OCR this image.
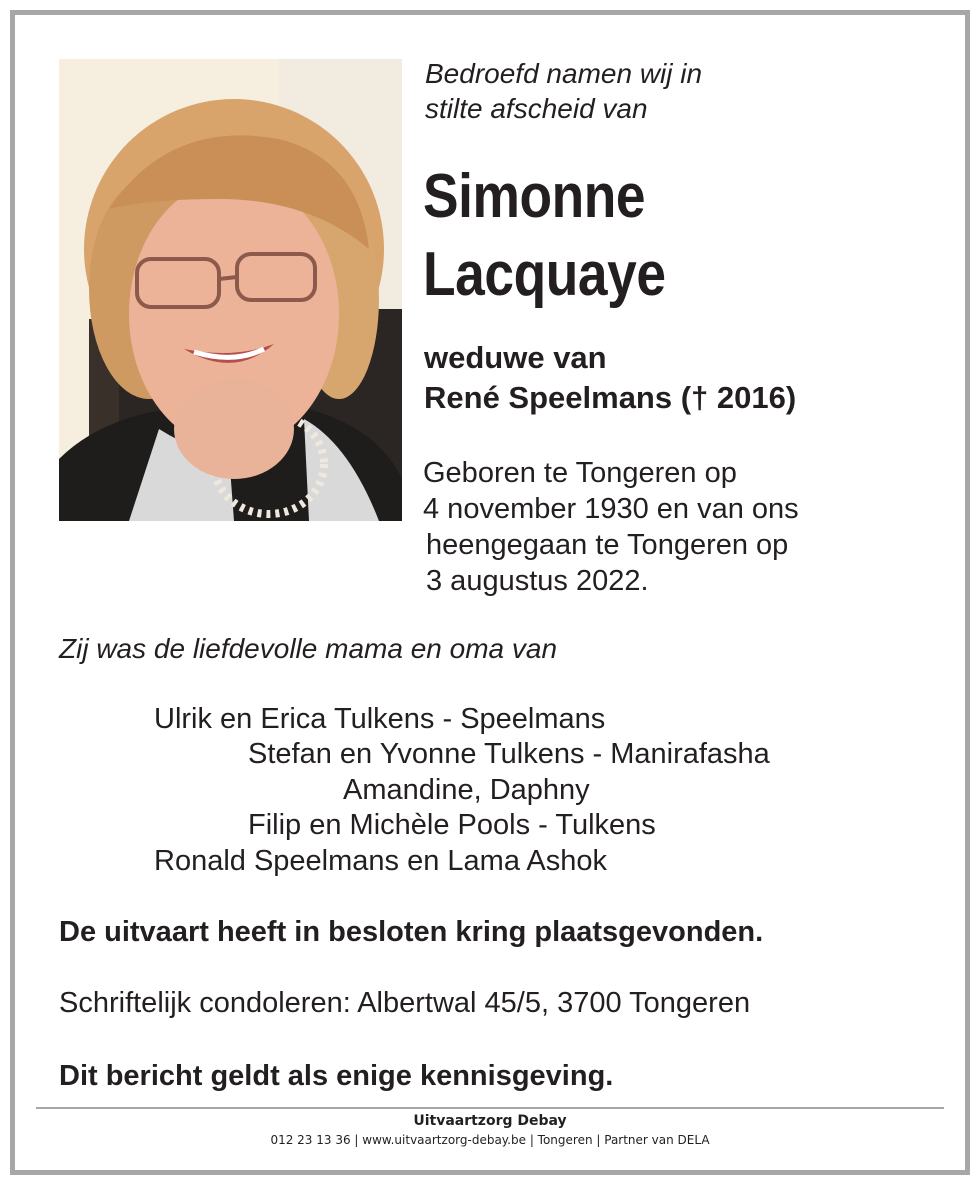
Bedroefd namen wij in
stilte afscheid van
Simonne
Lacquaye
weduwe van
René Speelmans († 2016)
Geboren te Tongeren op
4 november 1930 en van ons
heengegaan te Tongeren op
3 augustus 2022.
Zij was de liefdevolle mama en oma van
Ulrik en Erica Tulkens - Speelmans
Stefan en Yvonne Tulkens - Manirafasha
Amandine, Daphny
Filip en Michèle Pools - Tulkens
Ronald Speelmans en Lama Ashok
De uitvaart heeft in besloten kring plaatsgevonden.
Schriftelijk condoleren: Albertwal 45/5, 3700 Tongeren
Dit bericht geldt als enige kennisgeving.
Uitvaartzorg Debay
012 23 13 36 | www.uitvaartzorg-debay.be | Tongeren | Partner van DELA
